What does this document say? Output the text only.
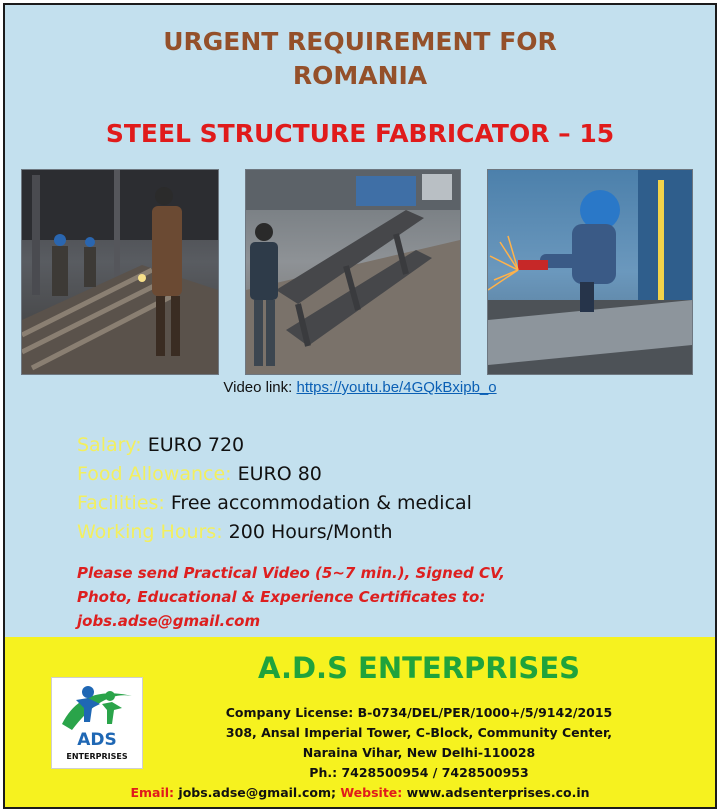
URGENT REQUIREMENT FOR
ROMANIA
STEEL STRUCTURE FABRICATOR – 15
Video link: https://youtu.be/4GQkBxipb_o
Salary: EURO 720
Food Allowance: EURO 80
Facilities: Free accommodation & medical
Working Hours: 200 Hours/Month
Please send Practical Video (5~7 min.), Signed CV,
Photo, Educational & Experience Certificates to:
jobs.adse@gmail.com
A.D.S ENTERPRISES
ADS
ENTERPRISES
Company License: B-0734/DEL/PER/1000+/5/9142/2015
308, Ansal Imperial Tower, C-Block, Community Center,
Naraina Vihar, New Delhi-110028
Ph.: 7428500954 / 7428500953
Email: jobs.adse@gmail.com; Website: www.adsenterprises.co.in
